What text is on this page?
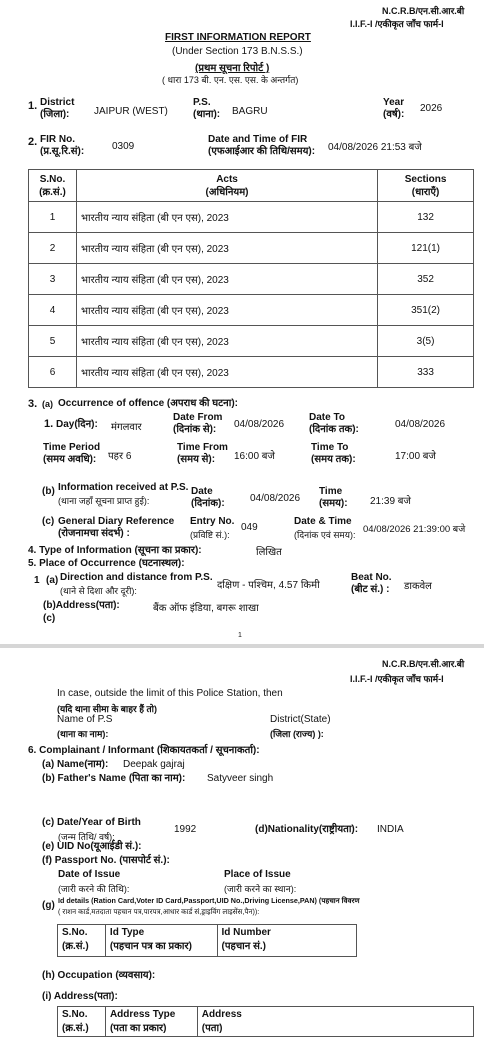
N.C.R.B/एन.सी.आर.बी
I.I.F.-I /एकीकृत जाँच फार्म-I
FIRST INFORMATION REPORT
(Under Section 173 B.N.S.S.)
(प्रथम सूचना रिपोर्ट )
( धारा 173 बी. एन. एस. एस. के अन्तर्गत)
1. District
(जिला): JAIPUR (WEST)
P.S.
(थाना): BAGRU
Year
(वर्ष):
2026
2. FIR No.
(प्र.सू.रि.सं):	0309
Date and Time of FIR
(एफआईआर की तिथि/समय): 04/08/2026 21:53 बजे
S.No.
(क्र.सं.)	Acts
(अधिनियम)	Sections
(धाराएँ)
1	भारतीय न्याय संहिता (बी एन एस), 2023	132
2	भारतीय न्याय संहिता (बी एन एस), 2023	121(1)
3	भारतीय न्याय संहिता (बी एन एस), 2023	352
4	भारतीय न्याय संहिता (बी एन एस), 2023	351(2)
5	भारतीय न्याय संहिता (बी एन एस), 2023	3(5)
6	भारतीय न्याय संहिता (बी एन एस), 2023	333
3. (a) Occurrence of offence (अपराध की घटना):
1. Day(दिन): मंगलवार
Date From
(दिनांक से): 04/08/2026
Date To
(दिनांक तक):	04/08/2026
Time Period
(समय अवधि): पहर 6
Time From
(समय से): 16:00 बजे
Time To
(समय तक):	17:00 बजे
(b) Information received at P.S.
(थाना जहाँ सूचना प्राप्त हुई):
Date
(दिनांक):	04/08/2026
Time
(समय): 21:39 बजे
(c) General Diary Reference
(रोजनामचा संदर्भ) :
Entry No.
(प्रविष्टि सं.):
049
Date & Time
(दिनांक एवं समय): 04/08/2026 21:39:00 बजे
4. Type of Information (सूचना का प्रकार):	लिखित
5. Place of Occurrence (घटनास्थल):
1 (a) Direction and distance from P.S.
(थाने से दिशा और दूरी):	दक्षिण - पश्चिम, 4.57 किमी
Beat No.
(बीट सं.) : डाकवेल
(b)Address(पता):	बैंक ऑफ इंडिया, बगरू शाखा
(c)
1
N.C.R.B/एन.सी.आर.बी
I.I.F.-I /एकीकृत जाँच फार्म-I
In case, outside the limit of this Police Station, then
(यदि थाना सीमा के बाहर हैं तो)
Name of P.S
(थाना का नाम):
District(State)
(जिला (राज्य) ):
6. Complainant / Informant (शिकायतकर्ता / सूचनाकर्ता):
(a) Name(नाम): Deepak gajraj
(b) Father's Name (पिता का नाम): Satyveer singh
(c) Date/Year of Birth
(जन्म तिथि/ वर्ष):
1992	(d)Nationality(राष्ट्रीयता): INDIA
(e) UID No(यूआईडी सं.):
(f) Passport No. (पासपोर्ट सं.):
Date of Issue
(जारी करने की तिथि):
Place of Issue
(जारी करने का स्थान):
(g) Id details (Ration Card,Voter ID Card,Passport,UID No.,Driving License,PAN) (पहचान विवरण
( राशन कार्ड,मतदाता पहचान पत्र,पारपत्र,आधार कार्ड सं,ड्राइविंग लाइसेंस,पैन)):
S.No.
(क्र.सं.)	Id Type
(पहचान पत्र का प्रकार)	Id Number
(पहचान सं.)
(h) Occupation (व्यवसाय):
(i) Address(पता):
S.No.
(क्र.सं.)	Address Type
(पता का प्रकार)	Address
(पता)
